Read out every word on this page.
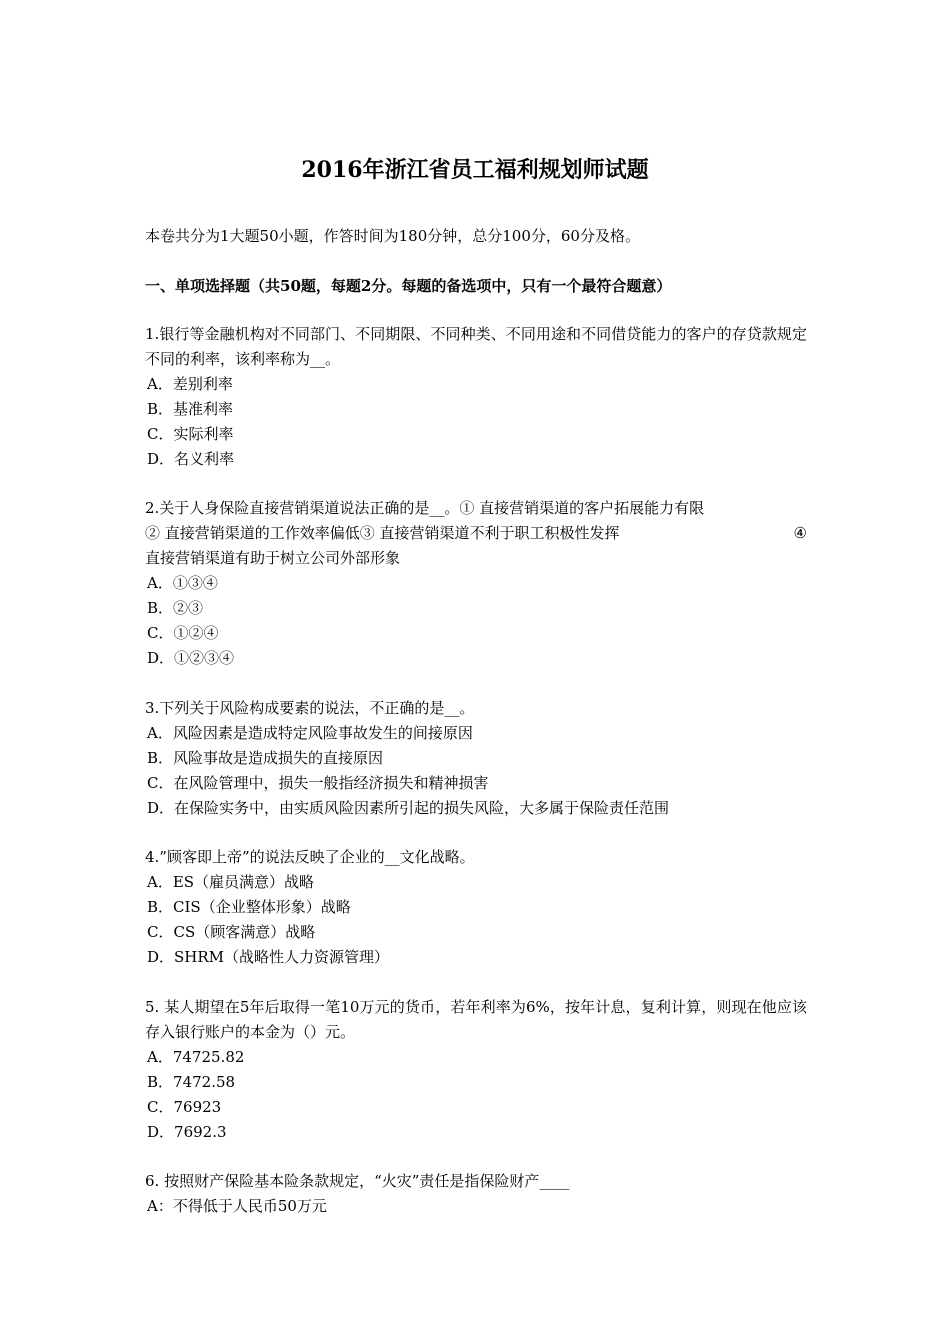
2016年浙江省员工福利规划师试题
本卷共分为1大题50小题，作答时间为180分钟，总分100分，60分及格。
一、单项选择题（共50题，每题2分。每题的备选项中，只有一个最符合题意）
1.银行等金融机构对不同部门、不同期限、不同种类、不同用途和不同借贷能力的客户的存贷款规定不同的利率，该利率称为__。
A．差别利率
B．基准利率
C．实际利率
D．名义利率
2.关于人身保险直接营销渠道说法正确的是__。① 直接营销渠道的客户拓展能力有限
② 直接营销渠道的工作效率偏低③ 直接营销渠道不利于职工积极性发挥	④
直接营销渠道有助于树立公司外部形象
A．①③④
B．②③
C．①②④
D．①②③④
3.下列关于风险构成要素的说法，不正确的是__。
A．风险因素是造成特定风险事故发生的间接原因
B．风险事故是造成损失的直接原因
C．在风险管理中，损失一般指经济损失和精神损害
D．在保险实务中，由实质风险因素所引起的损失风险，大多属于保险责任范围
4.”顾客即上帝”的说法反映了企业的__文化战略。
A．ES（雇员满意）战略
B．CIS（企业整体形象）战略
C．CS（顾客满意）战略
D．SHRM（战略性人力资源管理）
5. 某人期望在5年后取得一笔10万元的货币，若年利率为6%，按年计息，复利计算，则现在他应该存入银行账户的本金为（）元。
A．74725.82
B．7472.58
C．76923
D．7692.3
6. 按照财产保险基本险条款规定，“火灾”责任是指保险财产____
A：不得低于人民币50万元
